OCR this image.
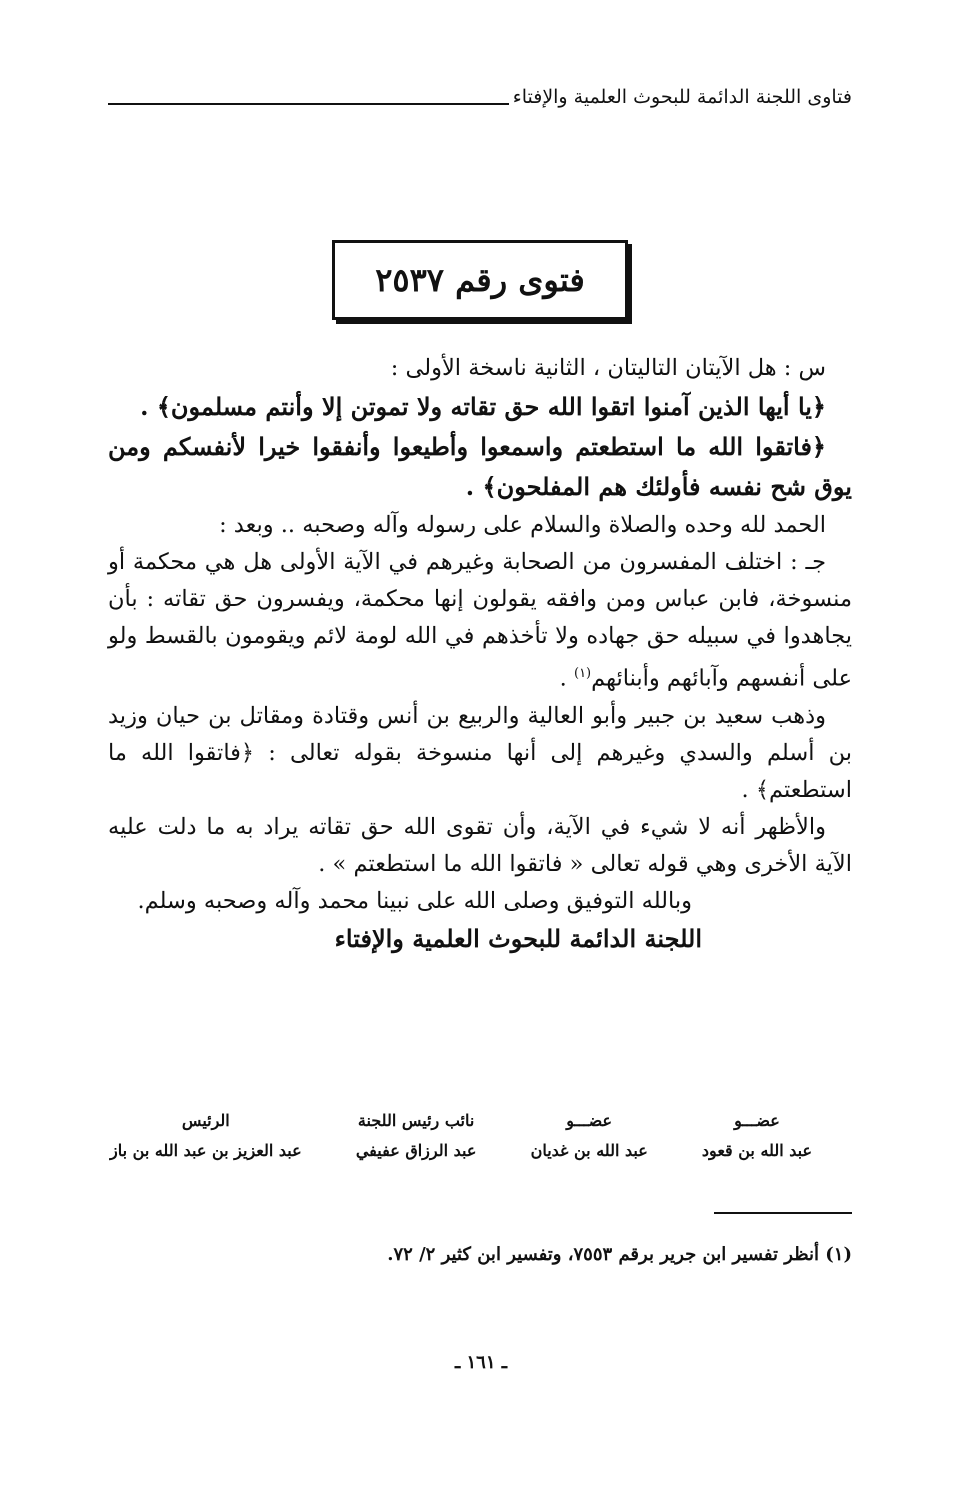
فتاوى اللجنة الدائمة للبحوث العلمية والإفتاء
فتوى رقم ٢٥٣٧

س : هل الآيتان التاليتان ، الثانية ناسخة الأولى :

﴿يا أيها الذين آمنوا اتقوا الله حق تقاته ولا تموتن إلا وأنتم مسلمون﴾ .

﴿فاتقوا الله ما استطعتم واسمعوا وأطيعوا وأنفقوا خيرا لأنفسكم ومن يوق شح نفسه فأولئك هم المفلحون﴾ .

الحمد لله وحده والصلاة والسلام على رسوله وآله وصحبه .. وبعد :

جـ : اختلف المفسرون من الصحابة وغيرهم في الآية الأولى هل هي محكمة أو منسوخة، فابن عباس ومن وافقه يقولون إنها محكمة، ويفسرون حق تقاته : بأن يجاهدوا في سبيله حق جهاده ولا تأخذهم في الله لومة لائم ويقومون بالقسط ولو على أنفسهم وآبائهم وأبنائهم$^{(١)}$ .

وذهب سعيد بن جبير وأبو العالية والربيع بن أنس وقتادة ومقاتل بن حيان وزيد بن أسلم والسدي وغيرهم إلى أنها منسوخة بقوله تعالى : ﴿فاتقوا الله ما استطعتم﴾ .

والأظهر أنه لا شيء في الآية، وأن تقوى الله حق تقاته يراد به ما دلت عليه الآية الأخرى وهي قوله تعالى « فاتقوا الله ما استطعتم » .

وبالله التوفيق وصلى الله على نبينا محمد وآله وصحبه وسلم.

اللجنة الدائمة للبحوث العلمية والإفتاء

عضـــو
عبد الله بن قعود
عضـــو
عبد الله بن غديان
نائب رئيس اللجنة
عبد الرزاق عفيفي
الرئيس
عبد العزيز بن عبد الله بن باز
(١) أنظر تفسير ابن جرير برقم ٧٥٥٣، وتفسير ابن كثير ٢/ ٧٢.
ـ ١٦١ ـ
